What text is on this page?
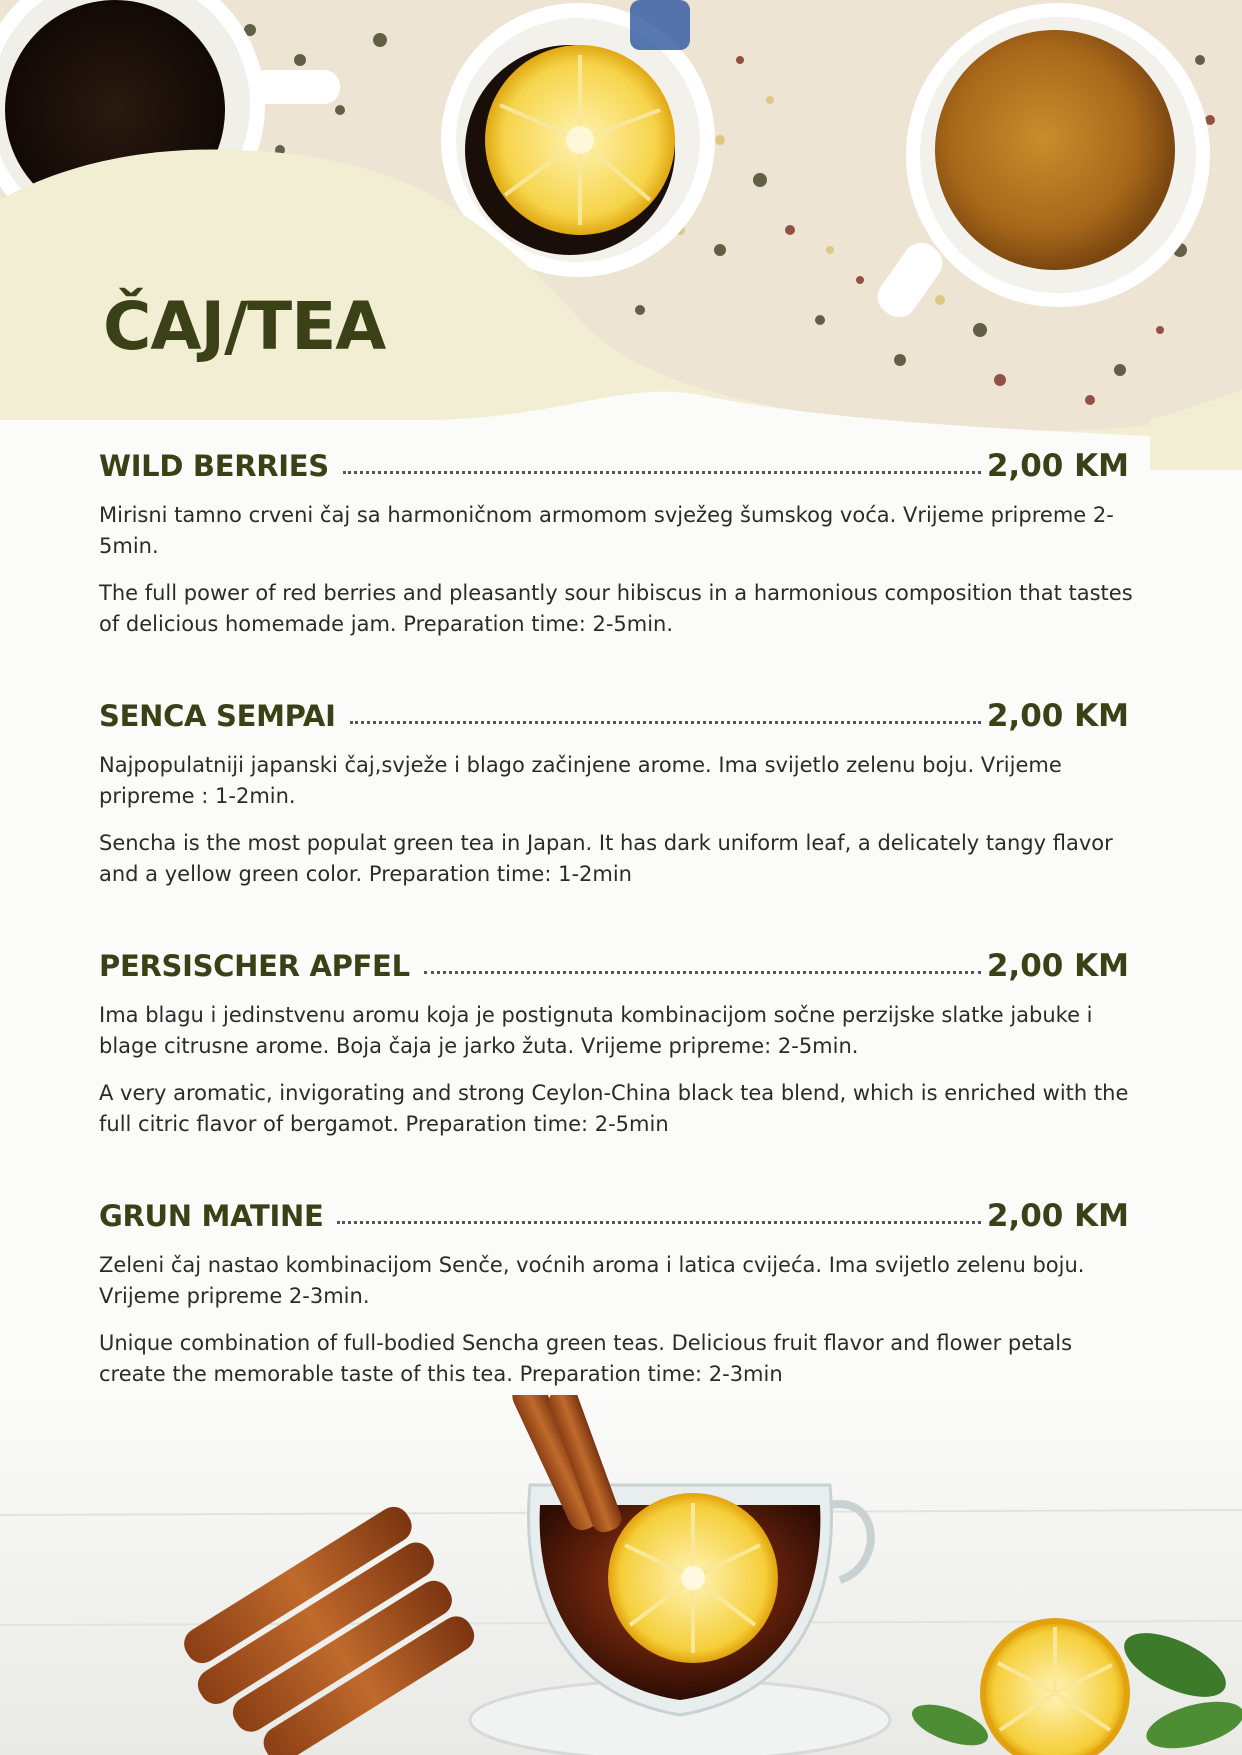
ČAJ/TEA
WILD BERRIES	2,00 KM
Mirisni tamno crveni čaj sa harmoničnom armomom svježeg šumskog voća. Vrijeme pripreme 2-5min.
The full power of red berries and pleasantly sour hibiscus in a harmonious composition that tastes of delicious homemade jam. Preparation time: 2-5min.
SENCA SEMPAI	2,00 KM
Najpopulatniji japanski čaj,svježe i blago začinjene arome. Ima svijetlo zelenu boju. Vrijeme pripreme : 1-2min.
Sencha is the most populat green tea in Japan. It has dark uniform leaf, a delicately tangy flavor and a yellow green color. Preparation time: 1-2min
PERSISCHER APFEL	2,00 KM
Ima blagu i jedinstvenu aromu koja je postignuta kombinacijom sočne perzijske slatke jabuke i blage citrusne arome. Boja čaja je jarko žuta. Vrijeme pripreme: 2-5min.
A very aromatic, invigorating and strong Ceylon-China black tea blend, which is enriched with the full citric flavor of bergamot. Preparation time: 2-5min
GRUN MATINE	2,00 KM
Zeleni čaj nastao kombinacijom Senče, voćnih aroma i latica cvijeća. Ima svijetlo zelenu boju. Vrijeme pripreme 2-3min.
Unique combination of full-bodied Sencha green teas. Delicious fruit flavor and flower petals create the memorable taste of this tea. Preparation time: 2-3min
